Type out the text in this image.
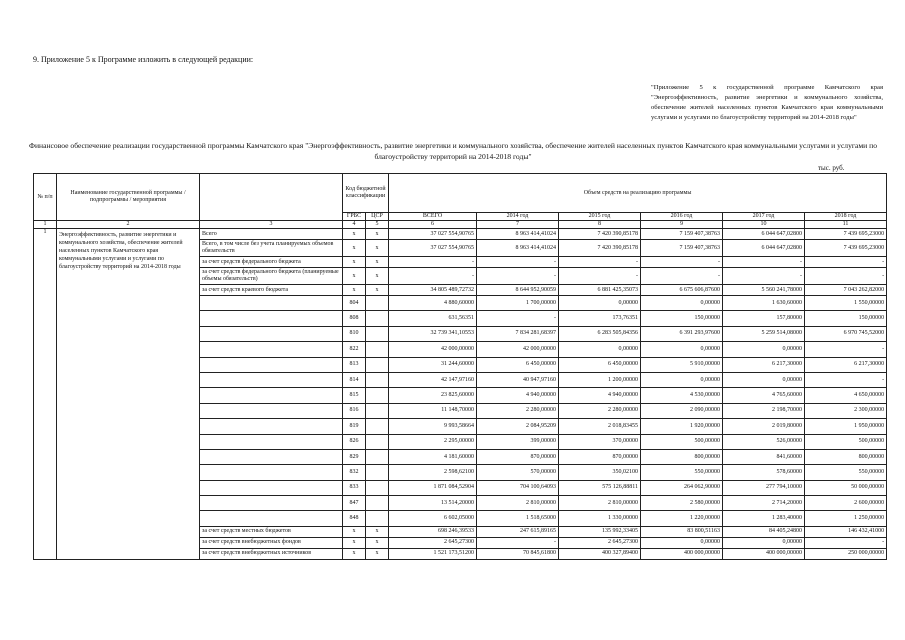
9. Приложение 5 к Программе изложить в следующей редакции:
"Приложение 5 к государственной программе Камчатского края "Энергоэффективность, развитие энергетики и коммунального хозяйства, обеспечение жителей населенных пунктов Камчатского края коммунальными услугами и услугами по благоустройству территорий на 2014-2018 годы"
Финансовое обеспечение реализации государственной программы Камчатского края "Энергоэффективность, развитие энергетики и коммунального хозяйства, обеспечение жителей населенных пунктов Камчатского края коммунальными услугами и услугами по благоустройству территорий на 2014-2018 годы"
тыс. руб.
№ п/п	Наименование государственной программы / подпрограммы / мероприятия		Код бюджетной классификации		Объем средств на реализацию программы					
			ГРБС	ЦСР	ВСЕГО	2014 год	2015 год	2016 год	2017 год	2018 год
1	2	3	4	5	6	7	8	9	10	11
1	Энергоэффективность, развитие энергетики и коммунального хозяйства, обеспечение жителей населенных пунктов Камчатского края коммунальными услугами и услугами по благоустройству территорий на 2014-2018 годы	Всего	х	х	37 027 554,90765	8 963 414,41024	7 420 390,85178	7 159 407,38763	6 044 647,02800	7 439 695,23000
		Всего, в том числе без учета планируемых объемов обязательств	х	х	37 027 554,90765	8 963 414,41024	7 420 390,85178	7 159 407,38763	6 044 647,02800	7 439 695,23000
		за счет средств федерального бюджета	х	х	-	-	-	-	-	-
		за счет средств федерального бюджета (планируемые объемы обязательств)	х	х	-	-	-	-	-	-
		за счет средств краевого бюджета	х	х	34 805 489,72732	8 644 952,90059	6 881 425,35073	6 675 606,87600	5 560 241,78000	7 043 262,82000
			804		4 880,60000	1 700,00000	0,00000	0,00000	1 630,60000	1 550,00000
			808		631,56351	-	173,76351	150,00000	157,80000	150,00000
			810		32 739 341,10553	7 834 281,68397	6 283 505,84356	6 391 293,97600	5 259 514,08000	6 970 745,52000
			822		42 000,00000	42 000,00000	0,00000	0,00000	0,00000	-
			813		31 244,60000	6 450,00000	6 450,00000	5 910,00000	6 217,30000	6 217,30000
			814		42 147,97160	40 947,97160	1 200,00000	0,00000	0,00000	-
			815		23 825,60000	4 940,00000	4 940,00000	4 530,00000	4 765,60000	4 650,00000
			816		11 148,70000	2 280,00000	2 280,00000	2 090,00000	2 198,70000	2 300,00000
			819		9 993,58664	2 084,95209	2 018,83455	1 920,00000	2 019,80000	1 950,00000
			826		2 295,00000	399,00000	370,00000	500,00000	526,00000	500,00000
			829		4 181,60000	870,00000	870,00000	800,00000	841,60000	800,00000
			832		2 598,62100	570,00000	350,02100	550,00000	578,60000	550,00000
			833		1 871 084,52904	704 100,64093	575 126,88811	264 062,90000	277 794,10000	50 000,00000
			847		13 514,20000	2 810,00000	2 810,00000	2 580,00000	2 714,20000	2 600,00000
			848		6 602,05000	1 518,65000	1 330,00000	1 220,00000	1 283,40000	1 250,00000
		за счет средств местных бюджетов	х	х	698 246,39533	247 615,89165	135 992,33405	83 800,51163	84 405,24800	146 432,41000
		за счет средств внебюджетных фондов	х	х	2 645,27300	-	2 645,27300	0,00000	0,00000	-
		за счет средств внебюджетных источников	х	х	1 521 173,51200	70 845,61800	400 327,89400	400 000,00000	400 000,00000	250 000,00000
